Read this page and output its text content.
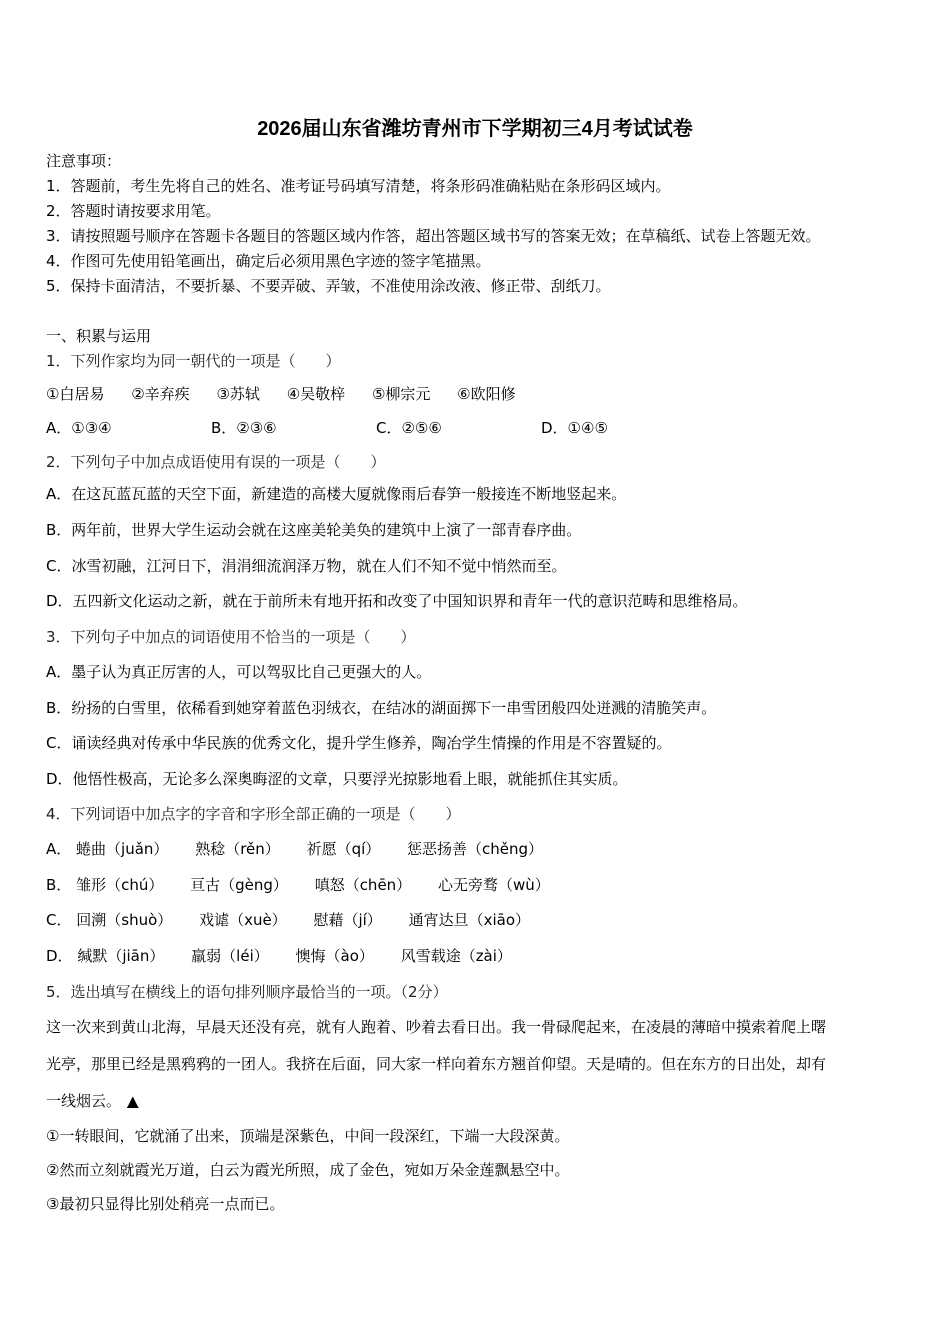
2026届山东省潍坊青州市下学期初三4月考试试卷
注意事项：
1．答题前，考生先将自己的姓名、准考证号码填写清楚，将条形码准确粘贴在条形码区域内。
2．答题时请按要求用笔。
3．请按照题号顺序在答题卡各题目的答题区域内作答，超出答题区域书写的答案无效；在草稿纸、试卷上答题无效。
4．作图可先使用铅笔画出，确定后必须用黑色字迹的签字笔描黑。
5．保持卡面清洁，不要折暴、不要弄破、弄皱，不准使用涂改液、修正带、刮纸刀。
一、积累与运用
1．下列作家均为同一朝代的一项是（　　）
①白居易 ②辛弃疾 ③苏轼 ④吴敬梓 ⑤柳宗元 ⑥欧阳修
A．①③④	B．②③⑥	C．②⑤⑥	D．①④⑤
2．下列句子中加点成语使用有误的一项是（　　）
A．在这瓦蓝瓦蓝的天空下面，新建造的高楼大厦就像雨后春笋一般接连不断地竖起来。
B．两年前，世界大学生运动会就在这座美轮美奂的建筑中上演了一部青春序曲。
C．冰雪初融，江河日下，涓涓细流润泽万物，就在人们不知不觉中悄然而至。
D．五四新文化运动之新，就在于前所未有地开拓和改变了中国知识界和青年一代的意识范畴和思维格局。
3．下列句子中加点的词语使用不恰当的一项是（　　）
A．墨子认为真正厉害的人，可以驾驭比自己更强大的人。
B．纷扬的白雪里，依稀看到她穿着蓝色羽绒衣，在结冰的湖面掷下一串雪团般四处迸溅的清脆笑声。
C．诵读经典对传承中华民族的优秀文化，提升学生修养，陶冶学生情操的作用是不容置疑的。
D．他悟性极高，无论多么深奥晦涩的文章，只要浮光掠影地看上眼，就能抓住其实质。
4．下列词语中加点字的字音和字形全部正确的一项是（　　）
A． 蜷曲（juǎn） 熟稔（rěn） 祈愿（qí） 惩恶扬善（chěng）
B． 雏形（chú） 亘古（gèng） 嗔怒（chēn） 心无旁骛（wù）
C． 回溯（shuò） 戏谑（xuè） 慰藉（jí） 通宵达旦（xiāo）
D． 缄默（jiān） 羸弱（léi） 懊悔（ào） 风雪载途（zài）
5．选出填写在横线上的语句排列顺序最恰当的一项。（2分）
这一次来到黄山北海，早晨天还没有亮，就有人跑着、吵着去看日出。我一骨碌爬起来，在凌晨的薄暗中摸索着爬上曙
光亭，那里已经是黑鸦鸦的一团人。我挤在后面，同大家一样向着东方翘首仰望。天是晴的。但在东方的日出处，却有
一线烟云。 ▲
①一转眼间，它就涌了出来，顶端是深紫色，中间一段深红，下端一大段深黄。
②然而立刻就霞光万道，白云为霞光所照，成了金色，宛如万朵金莲飘悬空中。
③最初只显得比别处稍亮一点而已。
